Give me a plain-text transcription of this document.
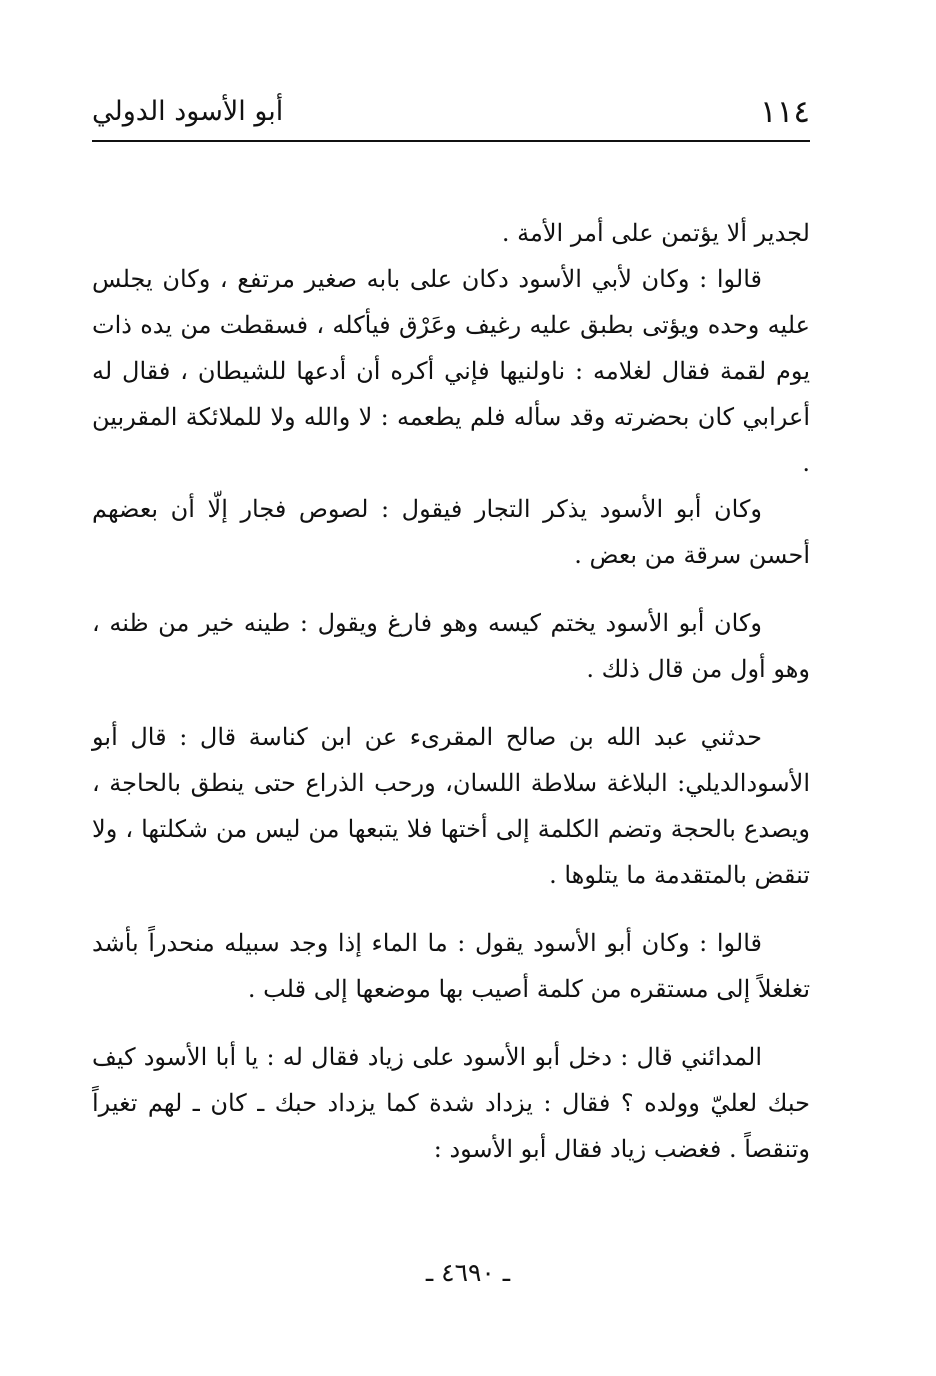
١١٤
أبو الأسود الدولي

لجدير ألا يؤتمن على أمر الأمة .

قالوا : وكان لأبي الأسود دكان على بابه صغير مرتفع ، وكان يجلس عليه وحده ويؤتى بطبق عليه رغيف وعَرْق فيأكله ، فسقطت من يده ذات يوم لقمة فقال لغلامه : ناولنيها فإني أكره أن أدعها للشيطان ، فقال له أعرابي كان بحضرته وقد سأله فلم يطعمه : لا والله ولا للملائكة المقربين .

وكان أبو الأسود يذكر التجار فيقول : لصوص فجار إلّا أن بعضهم أحسن سرقة من بعض .

وكان أبو الأسود يختم كيسه وهو فارغ ويقول : طينه خير من ظنه ، وهو أول من قال ذلك .

حدثني عبد الله بن صالح المقرىء عن ابن كناسة قال : قال أبو الأسودالديلي: البلاغة سلاطة اللسان، ورحب الذراع حتى ينطق بالحاجة ، ويصدع بالحجة وتضم الكلمة إلى أختها فلا يتبعها من ليس من شكلتها ، ولا تنقض بالمتقدمة ما يتلوها .

قالوا : وكان أبو الأسود يقول : ما الماء إذا وجد سبيله منحدراً بأشد تغلغلاً إلى مستقره من كلمة أصيب بها موضعها إلى قلب .

المدائني قال : دخل أبو الأسود على زياد فقال له : يا أبا الأسود كيف حبك لعليّ وولده ؟ فقال : يزداد شدة كما يزداد حبك ـ كان ـ لهم تغيراً وتنقصاً . فغضب زياد فقال أبو الأسود :

ـ ٤٦٩٠ ـ
